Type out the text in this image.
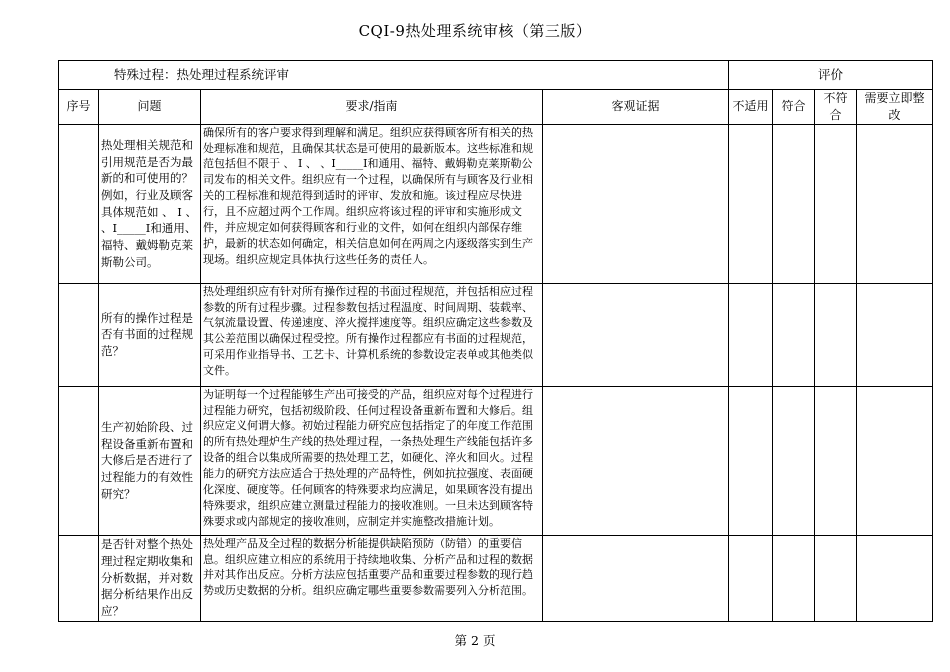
CQI-9热处理系统审核（第三版）
特殊过程：热处理过程系统评审				评价			
序号	问题	要求/指南	客观证据	不适用	符合	不符合	需要立即整改
	热处理相关规范和引用规范是否为最新的和可使用的？例如，行业及顾客具体规范如 、 I 、 、I_____I和通用、福特、戴姆勒克莱斯勒公司。	确保所有的客户要求得到理解和满足。组织应获得顾客所有相关的热处理标准和规范，且确保其状态是可使用的最新版本。这些标准和规范包括但不限于 、 I 、 、I_____I和通用、福特、戴姆勒克莱斯勒公司发布的相关文件。组织应有一个过程，以确保所有与顾客及行业相关的工程标准和规范得到适时的评审、发放和施。该过程应尽快进行，且不应超过两个工作周。组织应将该过程的评审和实施形成文件，并应规定如何获得顾客和行业的文件，如何在组织内部保存维护，最新的状态如何确定，相关信息如何在两周之内逐级落实到生产现场。组织应规定具体执行这些任务的责任人。					
	所有的操作过程是否有书面的过程规范？	热处理组织应有针对所有操作过程的书面过程规范，并包括相应过程参数的所有过程步骤。过程参数包括过程温度、时间周期、装载率、气氛流量设置、传递速度、淬火搅拌速度等。组织应确定这些参数及其公差范围以确保过程受控。所有操作过程都应有书面的过程规范，可采用作业指导书、工艺卡、计算机系统的参数设定表单或其他类似文件。					
	生产初始阶段、过程设备重新布置和大修后是否进行了过程能力的有效性研究？	为证明每一个过程能够生产出可接受的产品，组织应对每个过程进行过程能力研究，包括初级阶段、任何过程设备重新布置和大修后。组织应定义何谓大修。初始过程能力研究应包括指定了的年度工作范围的所有热处理炉生产线的热处理过程，一条热处理生产线能包括许多设备的组合以集成所需要的热处理工艺，如硬化、淬火和回火。过程能力的研究方法应适合于热处理的产品特性，例如抗拉强度、表面硬化深度、硬度等。任何顾客的特殊要求均应满足，如果顾客没有提出特殊要求，组织应建立测量过程能力的接收准则。一旦未达到顾客特殊要求或内部规定的接收准则，应制定并实施整改措施计划。					
	是否针对整个热处理过程定期收集和分析数据，并对数据分析结果作出反应？	热处理产品及全过程的数据分析能提供缺陷预防（防错）的重要信息。组织应建立相应的系统用于持续地收集、分析产品和过程的数据并对其作出反应。分析方法应包括重要产品和重要过程参数的现行趋势或历史数据的分析。组织应确定哪些重要参数需要列入分析范围。					
第 2 页
